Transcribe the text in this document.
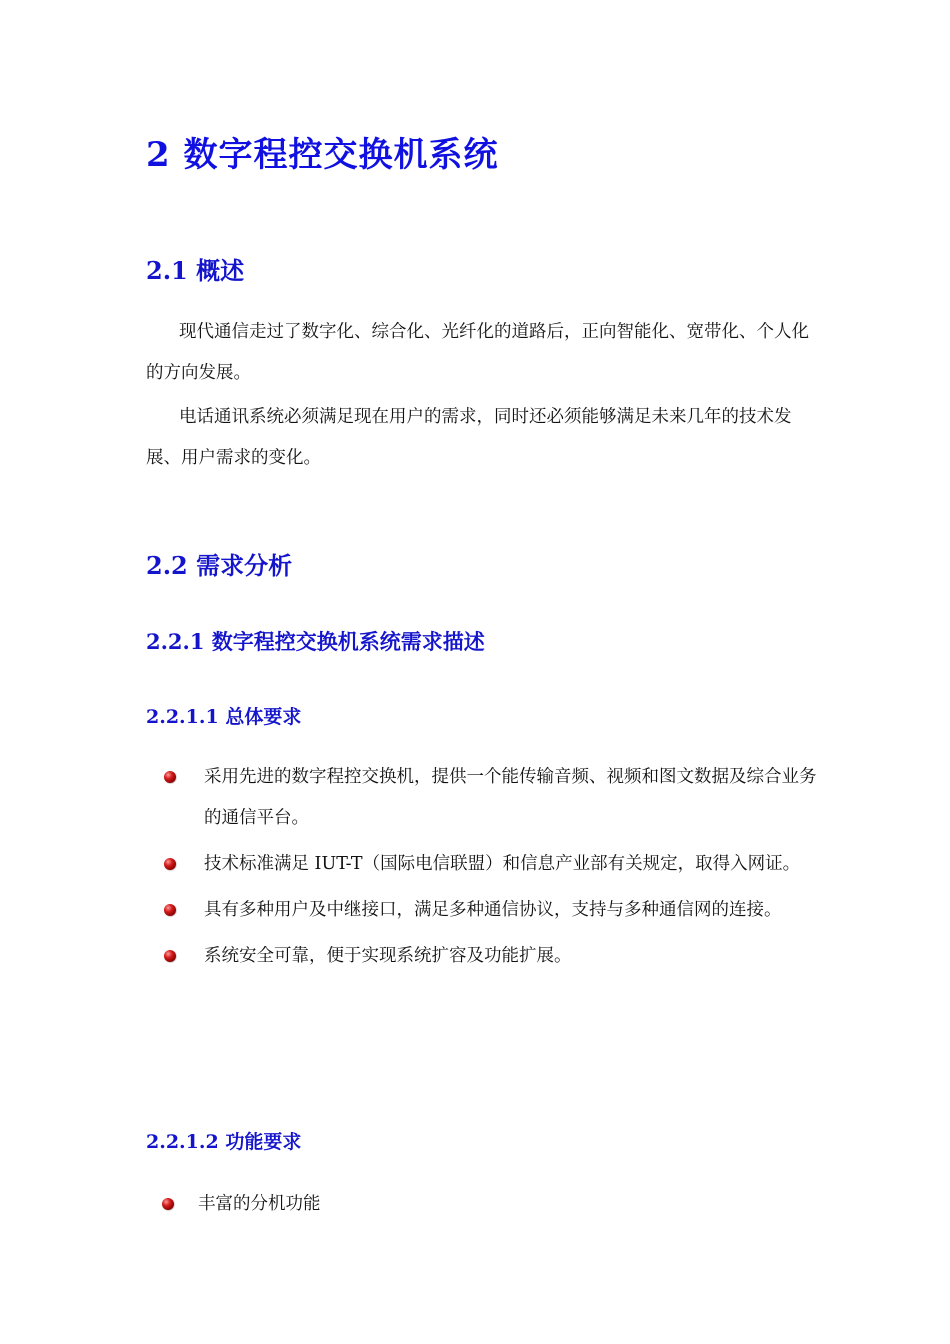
2 数字程控交换机系统
2.1 概述

现代通信走过了数字化、综合化、光纤化的道路后，正向智能化、宽带化、个人化的方向发展。

电话通讯系统必须满足现在用户的需求，同时还必须能够满足未来几年的技术发展、用户需求的变化。

2.2 需求分析
2.2.1 数字程控交换机系统需求描述
2.2.1.1 总体要求
采用先进的数字程控交换机，提供一个能传输音频、视频和图文数据及综合业务的通信平台。
技术标准满足 IUT-T（国际电信联盟）和信息产业部有关规定，取得入网证。
具有多种用户及中继接口，满足多种通信协议，支持与多种通信网的连接。
系统安全可靠，便于实现系统扩容及功能扩展。
2.2.1.2 功能要求
丰富的分机功能
